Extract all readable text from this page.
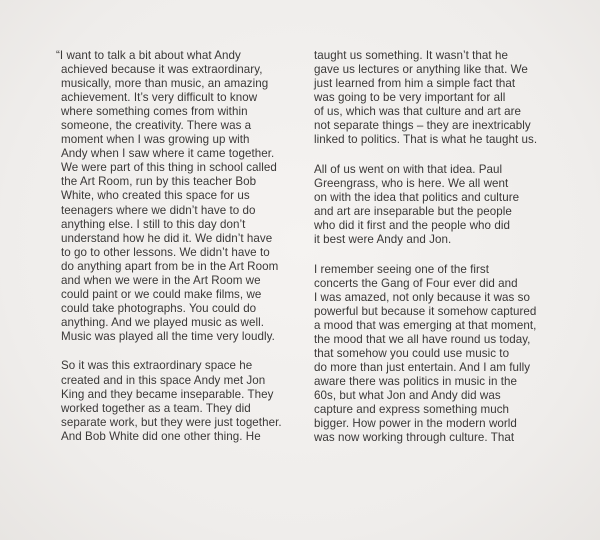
“I want to talk a bit about what Andy
achieved because it was extraordinary,
musically, more than music, an amazing
achievement. It’s very difficult to know
where something comes from within
someone, the creativity. There was a
moment when I was growing up with
Andy when I saw where it came together.
We were part of this thing in school called
the Art Room, run by this teacher Bob
White, who created this space for us
teenagers where we didn’t have to do
anything else. I still to this day don’t
understand how he did it. We didn’t have
to go to other lessons. We didn’t have to
do anything apart from be in the Art Room
and when we were in the Art Room we
could paint or we could make films, we
could take photographs. You could do
anything. And we played music as well.
Music was played all the time very loudly.
So it was this extraordinary space he
created and in this space Andy met Jon
King and they became inseparable. They
worked together as a team. They did
separate work, but they were just together.
And Bob White did one other thing. He
taught us something. It wasn’t that he
gave us lectures or anything like that. We
just learned from him a simple fact that
was going to be very important for all
of us, which was that culture and art are
not separate things – they are inextricably
linked to politics. That is what he taught us.
All of us went on with that idea. Paul
Greengrass, who is here. We all went
on with the idea that politics and culture
and art are inseparable but the people
who did it first and the people who did
it best were Andy and Jon.
I remember seeing one of the first
concerts the Gang of Four ever did and
I was amazed, not only because it was so
powerful but because it somehow captured
a mood that was emerging at that moment,
the mood that we all have round us today,
that somehow you could use music to
do more than just entertain. And I am fully
aware there was politics in music in the
60s, but what Jon and Andy did was
capture and express something much
bigger. How power in the modern world
was now working through culture. That
